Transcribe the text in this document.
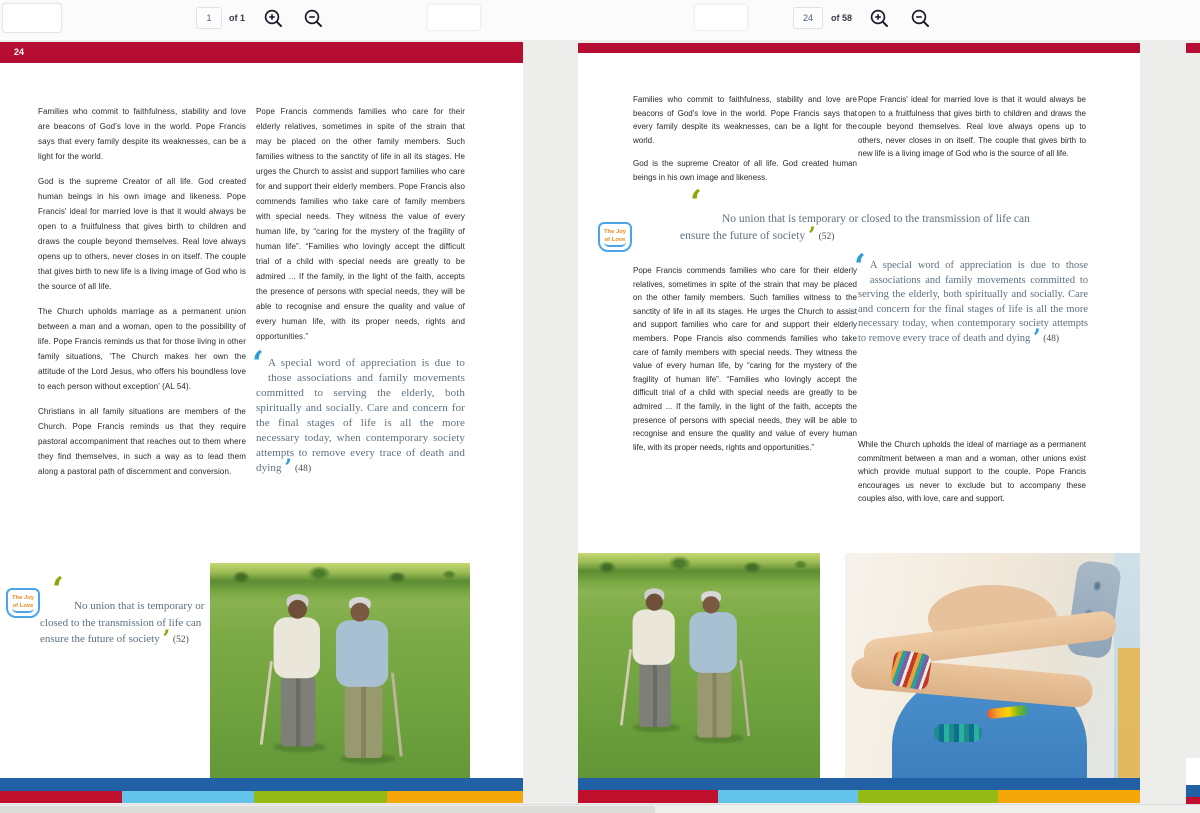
1
of 1
24	of 58
24

Families who commit to faithfulness, stability and love are beacons of God's love in the world. Pope Francis says that every family despite its weaknesses, can be a light for the world.

God is the supreme Creator of all life. God created human beings in his own image and likeness. Pope Francis' ideal for married love is that it would always be open to a fruitfulness that gives birth to children and draws the couple beyond themselves. Real love always opens up to others, never closes in on itself. The couple that gives birth to new life is a living image of God who is the source of all life.

The Church upholds marriage as a permanent union between a man and a woman, open to the possibility of life. Pope Francis reminds us that for those living in other family situations, ‘The Church makes her own the attitude of the Lord Jesus, who offers his boundless love to each person without exception’ (AL 54).

Christians in all family situations are members of the Church. Pope Francis reminds us that they require pastoral accompaniment that reaches out to them where they find themselves, in such a way as to lead them along a pastoral path of discernment and conversion.

Pope Francis commends families who care for their elderly relatives, sometimes in spite of the strain that may be placed on the other family members. Such families witness to the sanctity of life in all its stages. He urges the Church to assist and support families who care for and support their elderly members. Pope Francis also commends families who take care of family members with special needs. They witness the value of every human life, by “caring for the mystery of the fragility of human life”. “Families who lovingly accept the difficult trial of a child with special needs are greatly to be admired ... If the family, in the light of the faith, accepts the presence of persons with special needs, they will be able to recognise and ensure the quality and value of every human life, with its proper needs, rights and opportunities.”

‘ A special word of appreciation is due to those associations and family movements committed to serving the elderly, both spiritually and socially. Care and concern for the final stages of life is all the more necessary today, when contemporary society attempts to remove every trace of death and dying ’ (48)
‘
The Joy
of Love	No union that is temporary or closed to the transmission of life can ensure the future of society ’ (52)

Families who commit to faithfulness, stability and love are beacons of God's love in the world. Pope Francis says that every family despite its weaknesses, can be a light for the world.

God is the supreme Creator of all life. God created human beings in his own image and likeness.

‘
The Joy
of Love
No union that is temporary or closed to the transmission of life can ensure the future of society ’ (52)

Pope Francis commends families who care for their elderly relatives, sometimes in spite of the strain that may be placed on the other family members. Such families witness to the sanctity of life in all its stages. He urges the Church to assist and support families who care for and support their elderly members. Pope Francis also commends families who take care of family members with special needs. They witness the value of every human life, by “caring for the mystery of the fragility of human life”. “Families who lovingly accept the difficult trial of a child with special needs are greatly to be admired ... If the family, in the light of the faith, accepts the presence of persons with special needs, they will be able to recognise and ensure the quality and value of every human life, with its proper needs, rights and opportunities.”

Pope Francis' ideal for married love is that it would always be open to a fruitfulness that gives birth to children and draws the couple beyond themselves. Real love always opens up to others, never closes in on itself. The couple that gives birth to new life is a living image of God who is the source of all life.

‘ A special word of appreciation is due to those associations and family movements committed to serving the elderly, both spiritually and socially. Care and concern for the final stages of life is all the more necessary today, when contemporary society attempts to remove every trace of death and dying ’ (48)

While the Church upholds the ideal of marriage as a permanent commitment between a man and a woman, other unions exist which provide mutual support to the couple. Pope Francis encourages us never to exclude but to accompany these couples also, with love, care and support.
